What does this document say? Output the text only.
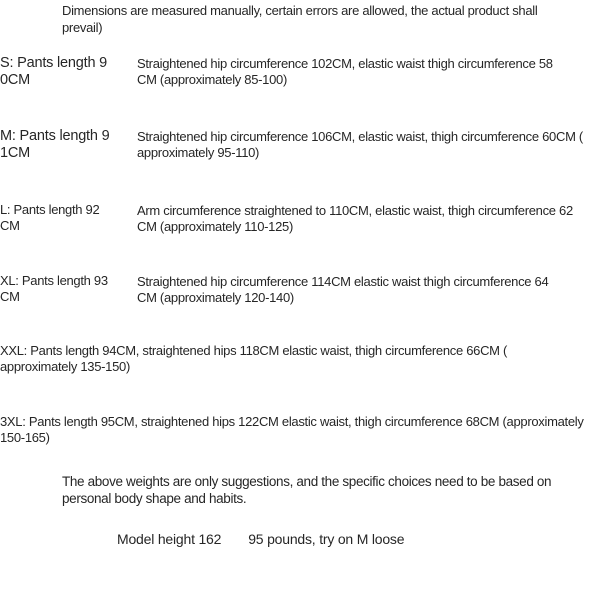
Dimensions are measured manually, certain errors are allowed, the actual product shall
prevail)
S: Pants length 9
0CM
Straightened hip circumference 102CM, elastic waist thigh circumference 58
CM (approximately 85-100)
M: Pants length 9
1CM
Straightened hip circumference 106CM, elastic waist, thigh circumference 60CM (
approximately 95-110)
L: Pants length 92
CM
Arm circumference straightened to 110CM, elastic waist, thigh circumference 62
CM (approximately 110-125)
XL: Pants length 93
CM
Straightened hip circumference 114CM elastic waist thigh circumference 64
CM (approximately 120-140)
XXL: Pants length 94CM, straightened hips 118CM elastic waist, thigh circumference 66CM (
approximately 135-150)
3XL: Pants length 95CM, straightened hips 122CM elastic waist, thigh circumference 68CM (approximately
150-165)
The above weights are only suggestions, and the specific choices need to be based on
personal body shape and habits.
Model height 162 95 pounds, try on M loose
